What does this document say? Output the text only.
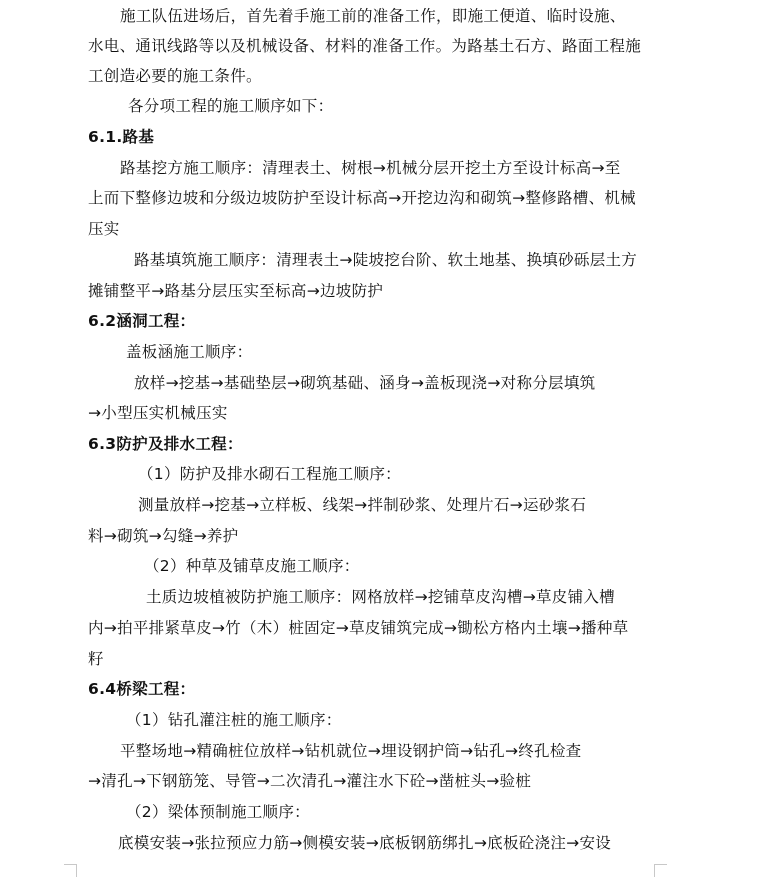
施工队伍进场后，首先着手施工前的准备工作，即施工便道、临时设施、
水电、通讯线路等以及机械设备、材料的准备工作。为路基土石方、路面工程施
工创造必要的施工条件。
各分项工程的施工顺序如下：
6.1.路基
路基挖方施工顺序：清理表土、树根→机械分层开挖土方至设计标高→至
上而下整修边坡和分级边坡防护至设计标高→开挖边沟和砌筑→整修路槽、机械
压实
路基填筑施工顺序：清理表土→陡坡挖台阶、软土地基、换填砂砾层土方
摊铺整平→路基分层压实至标高→边坡防护
6.2涵洞工程：
盖板涵施工顺序：
放样→挖基→基础垫层→砌筑基础、涵身→盖板现浇→对称分层填筑
→小型压实机械压实
6.3防护及排水工程：
（1）防护及排水砌石工程施工顺序：
测量放样→挖基→立样板、线架→拌制砂浆、处理片石→运砂浆石
料→砌筑→勾缝→养护
（2）种草及铺草皮施工顺序：
土质边坡植被防护施工顺序：网格放样→挖铺草皮沟槽→草皮铺入槽
内→拍平排紧草皮→竹（木）桩固定→草皮铺筑完成→锄松方格内土壤→播种草
籽
6.4桥梁工程：
（1）钻孔灌注桩的施工顺序：
平整场地→精确桩位放样→钻机就位→埋设钢护筒→钻孔→终孔检查
→清孔→下钢筋笼、导管→二次清孔→灌注水下砼→凿桩头→验桩
（2）梁体预制施工顺序：
底模安装→张拉预应力筋→侧模安装→底板钢筋绑扎→底板砼浇注→安设
